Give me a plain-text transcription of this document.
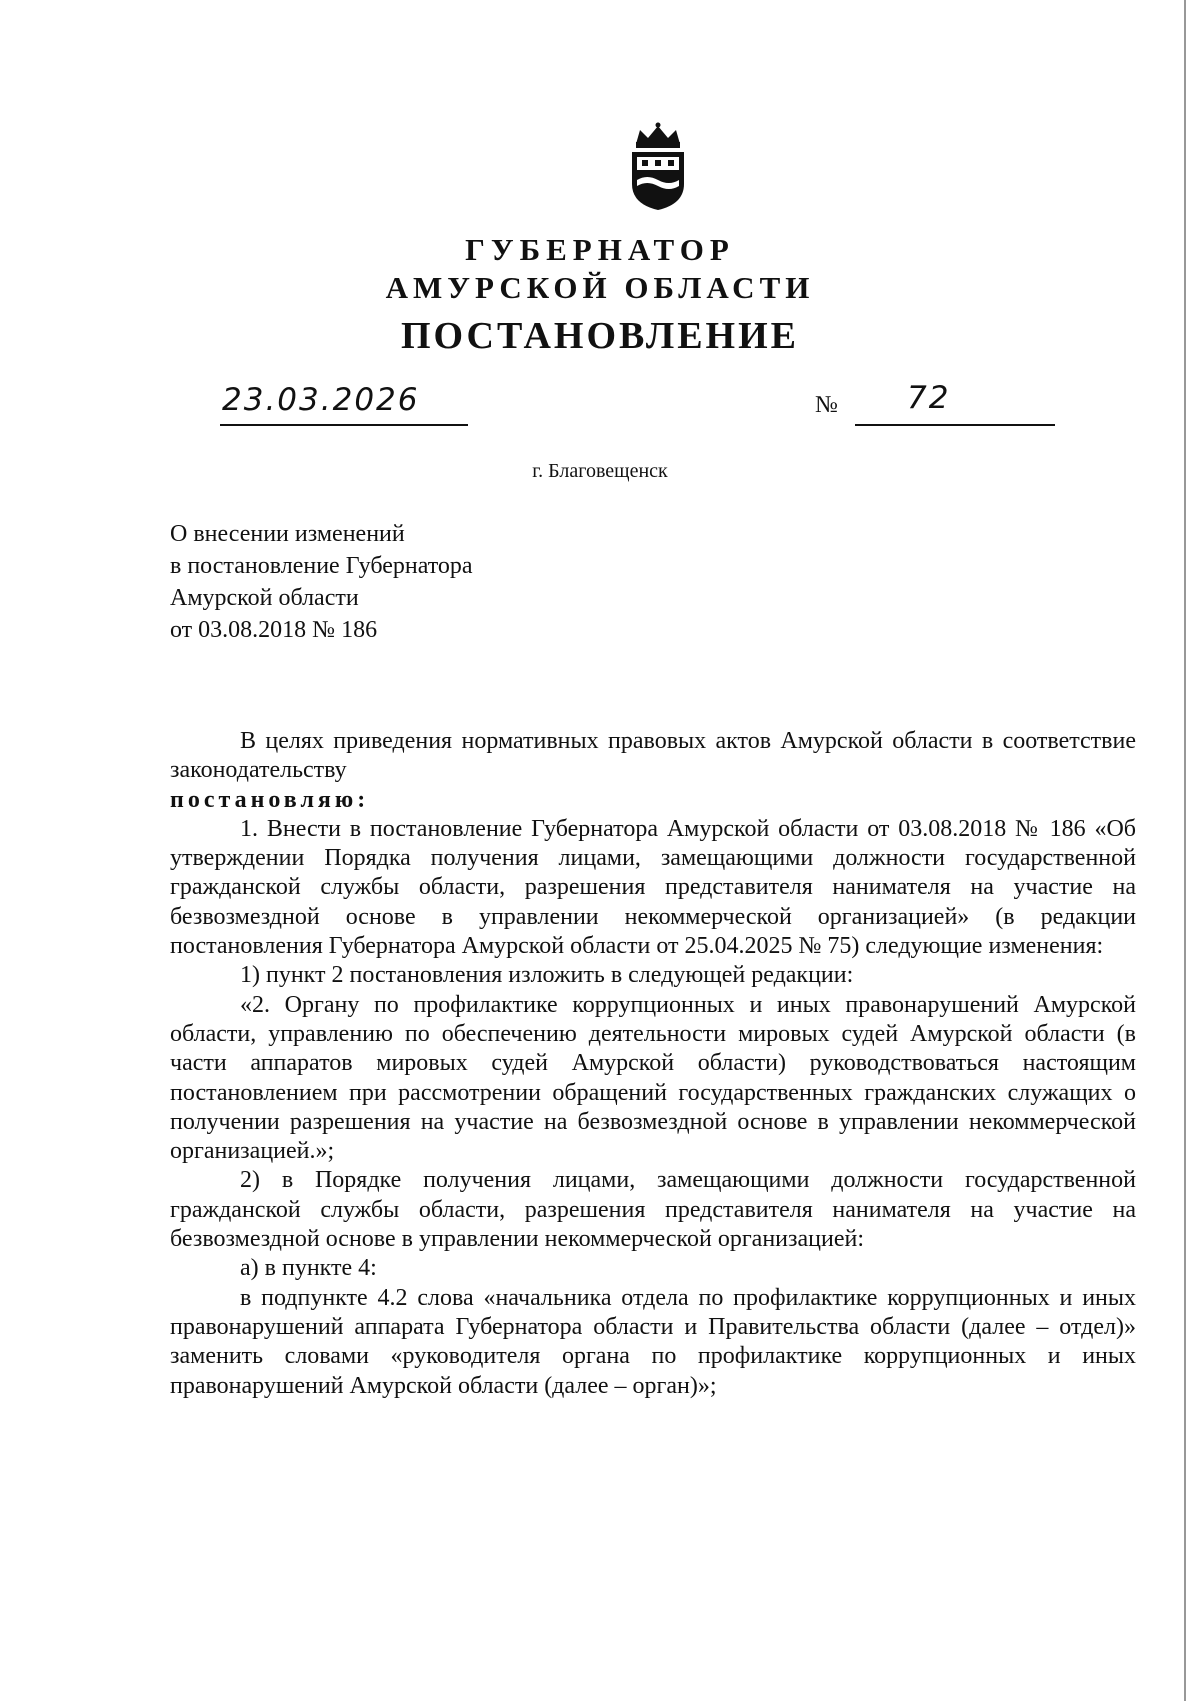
ГУБЕРНАТОР
АМУРСКОЙ ОБЛАСТИ
ПОСТАНОВЛЕНИЕ
23.03.2026	№ 72
г. Благовещенск
О внесении изменений
в постановление Губернатора
Амурской области
от 03.08.2018 № 186

В целях приведения нормативных правовых актов Амурской области в соответствие законодательству

постановляю:

1. Внести в постановление Губернатора Амурской области от 03.08.2018 № 186 «Об утверждении Порядка получения лицами, замещающими должности государственной гражданской службы области, разрешения представителя нанимателя на участие на безвозмездной основе в управлении некоммерческой организацией» (в редакции постановления Губернатора Амурской области от 25.04.2025 № 75) следующие изменения:

1) пункт 2 постановления изложить в следующей редакции:

«2. Органу по профилактике коррупционных и иных правонарушений Амурской области, управлению по обеспечению деятельности мировых судей Амурской области (в части аппаратов мировых судей Амурской области) руководствоваться настоящим постановлением при рассмотрении обращений государственных гражданских служащих о получении разрешения на участие на безвозмездной основе в управлении некоммерческой организацией.»;

2) в Порядке получения лицами, замещающими должности государственной гражданской службы области, разрешения представителя нанимателя на участие на безвозмездной основе в управлении некоммерческой организацией:

а) в пункте 4:

в подпункте 4.2 слова «начальника отдела по профилактике коррупционных и иных правонарушений аппарата Губернатора области и Правительства области (далее – отдел)» заменить словами «руководителя органа по профилактике коррупционных и иных правонарушений Амурской области (далее – орган)»;
